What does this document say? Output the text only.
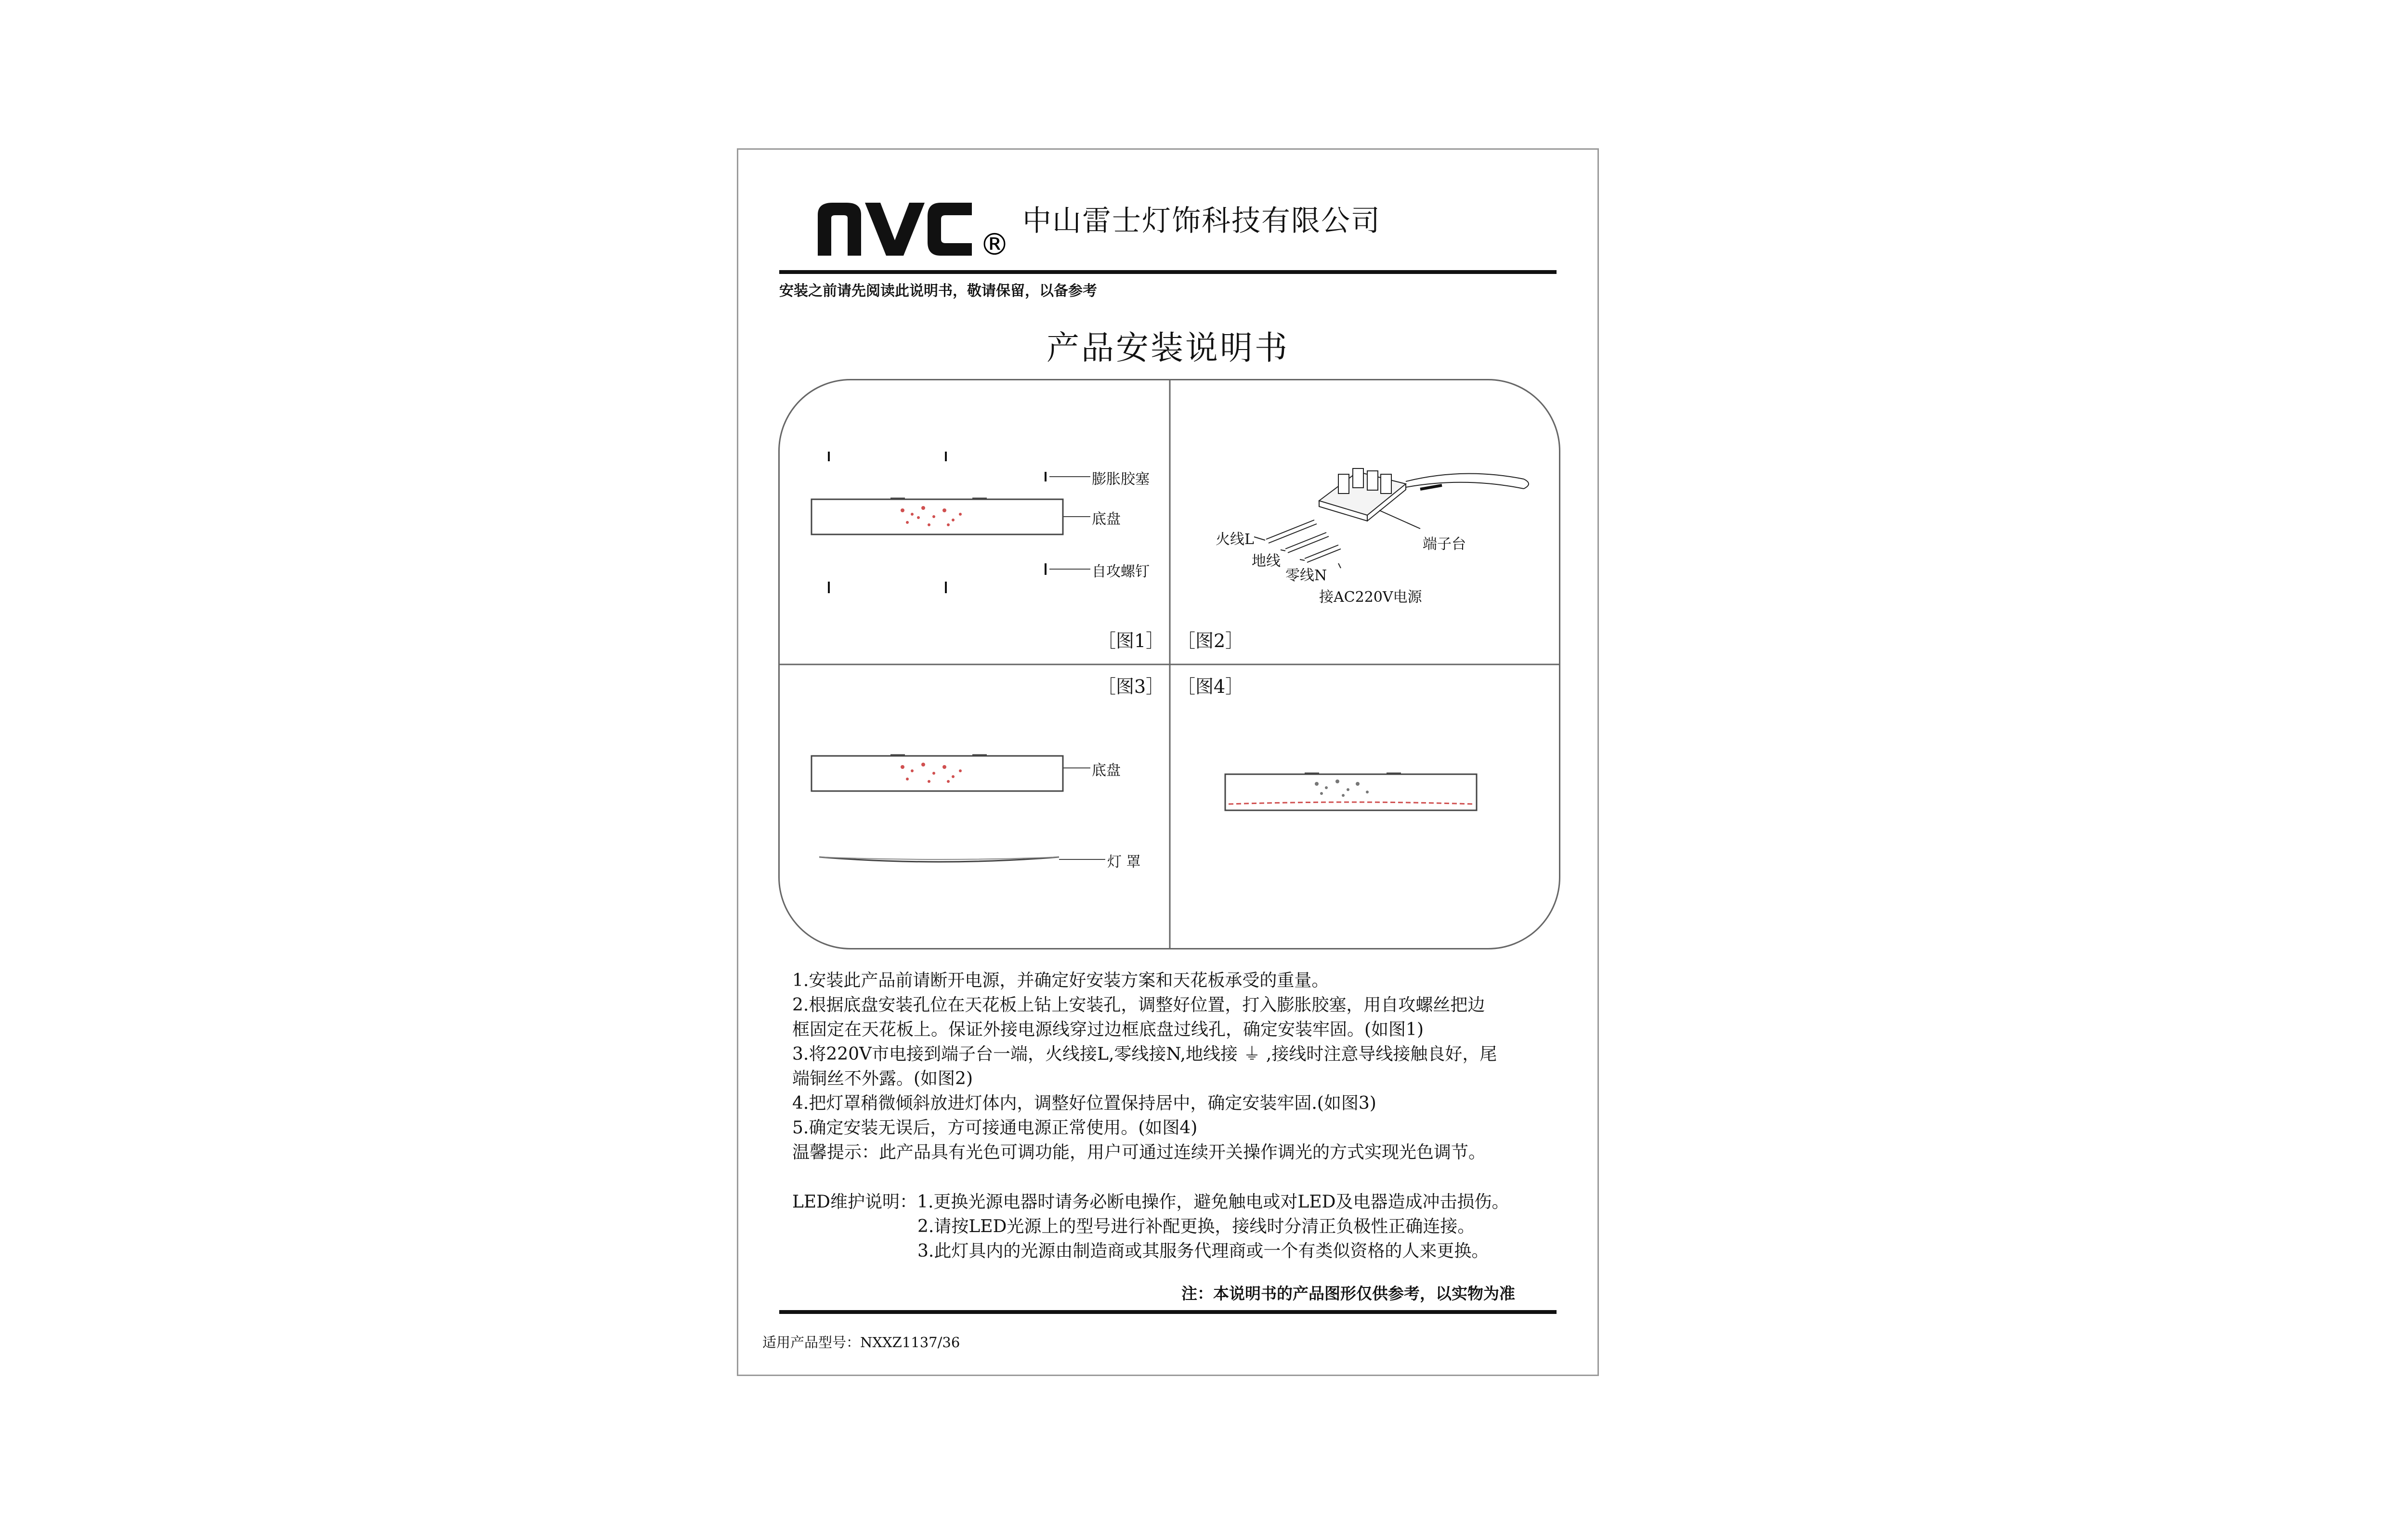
®
中山雷士灯饰科技有限公司
安装之前请先阅读此说明书，敬请保留，以备参考
产品安装说明书
膨胀胶塞
底盘
自攻螺钉
［图1］
火线L
地线
零线N
端子台
接AC220V电源
［图2］
［图3］
底盘
灯 罩
［图4］
1.安装此产品前请断开电源，并确定好安装方案和天花板承受的重量。
2.根据底盘安装孔位在天花板上钻上安装孔，调整好位置，打入膨胀胶塞，用自攻螺丝把边
框固定在天花板上。保证外接电源线穿过边框底盘过线孔，确定安装牢固。(如图1)
3.将220V市电接到端子台一端，火线接L,零线接N,地线接 ⏚ ,接线时注意导线接触良好，尾
端铜丝不外露。(如图2)
4.把灯罩稍微倾斜放进灯体内，调整好位置保持居中，确定安装牢固.(如图3)
5.确定安装无误后，方可接通电源正常使用。(如图4)
温馨提示：此产品具有光色可调功能，用户可通过连续开关操作调光的方式实现光色调节。
LED维护说明：1.更换光源电器时请务必断电操作，避免触电或对LED及电器造成冲击损伤。
2.请按LED光源上的型号进行补配更换，接线时分清正负极性正确连接。
3.此灯具内的光源由制造商或其服务代理商或一个有类似资格的人来更换。
注：本说明书的产品图形仅供参考，以实物为准
适用产品型号：NXXZ1137/36
